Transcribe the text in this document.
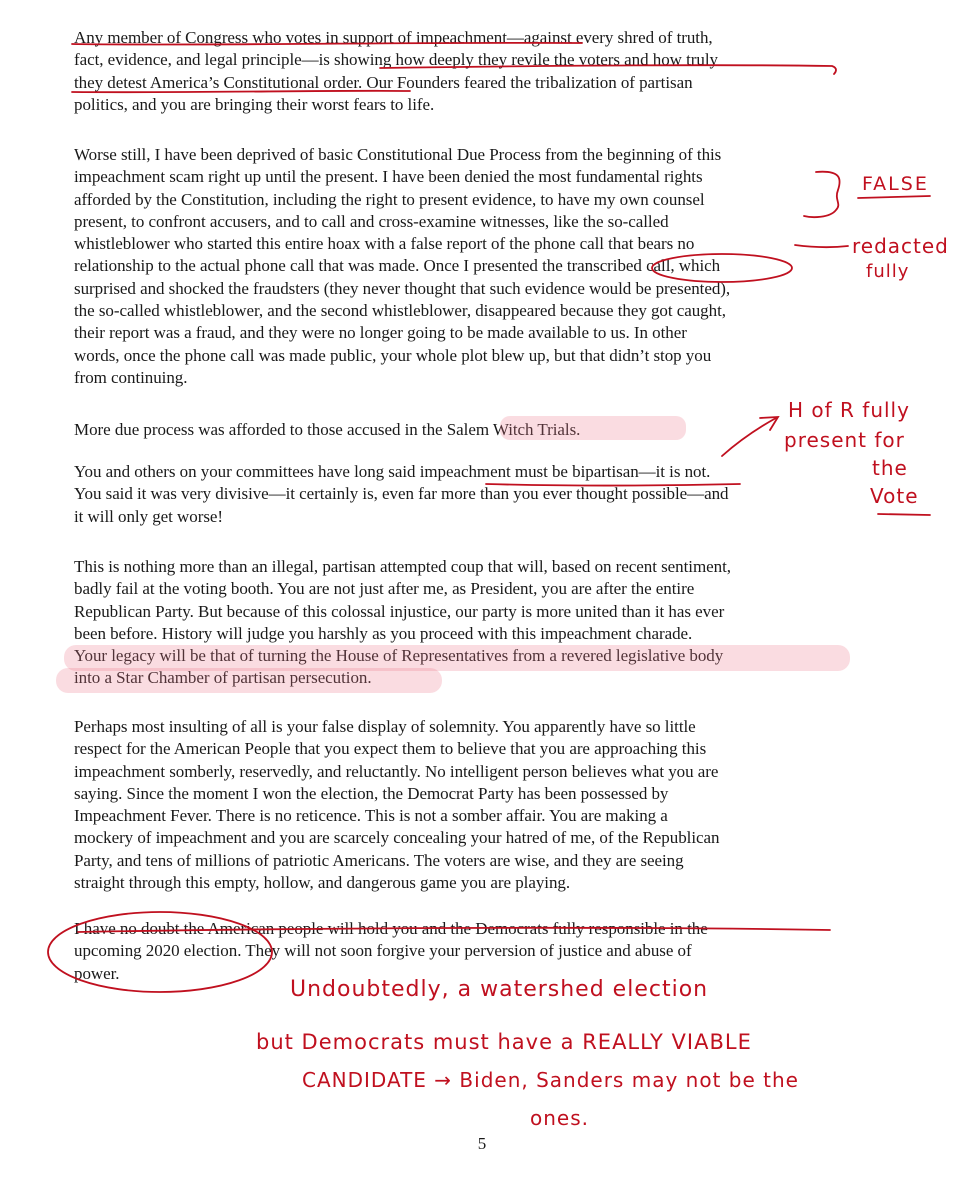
Any member of Congress who votes in support of impeachment—against every shred of truth,
fact, evidence, and legal principle—is showing how deeply they revile the voters and how truly
they detest America’s Constitutional order. Our Founders feared the tribalization of partisan
politics, and you are bringing their worst fears to life.

Worse still, I have been deprived of basic Constitutional Due Process from the beginning of this
impeachment scam right up until the present. I have been denied the most fundamental rights
afforded by the Constitution, including the right to present evidence, to have my own counsel
present, to confront accusers, and to call and cross-examine witnesses, like the so-called
whistleblower who started this entire hoax with a false report of the phone call that bears no
relationship to the actual phone call that was made. Once I presented the transcribed call, which
surprised and shocked the fraudsters (they never thought that such evidence would be presented),
the so-called whistleblower, and the second whistleblower, disappeared because they got caught,
their report was a fraud, and they were no longer going to be made available to us. In other
words, once the phone call was made public, your whole plot blew up, but that didn’t stop you
from continuing.

More due process was afforded to those accused in the Salem Witch Trials.

You and others on your committees have long said impeachment must be bipartisan—it is not.
You said it was very divisive—it certainly is, even far more than you ever thought possible—and
it will only get worse!

This is nothing more than an illegal, partisan attempted coup that will, based on recent sentiment,
badly fail at the voting booth. You are not just after me, as President, you are after the entire
Republican Party. But because of this colossal injustice, our party is more united than it has ever
been before. History will judge you harshly as you proceed with this impeachment charade.
Your legacy will be that of turning the House of Representatives from a revered legislative body
into a Star Chamber of partisan persecution.

Perhaps most insulting of all is your false display of solemnity. You apparently have so little
respect for the American People that you expect them to believe that you are approaching this
impeachment somberly, reservedly, and reluctantly. No intelligent person believes what you are
saying. Since the moment I won the election, the Democrat Party has been possessed by
Impeachment Fever. There is no reticence. This is not a somber affair. You are making a
mockery of impeachment and you are scarcely concealing your hatred of me, of the Republican
Party, and tens of millions of patriotic Americans. The voters are wise, and they are seeing
straight through this empty, hollow, and dangerous game you are playing.

I have no doubt the American people will hold you and the Democrats fully responsible in the
upcoming 2020 election. They will not soon forgive your perversion of justice and abuse of
power.

FALSE
redacted
fully
H of R fully
present for
the
Vote
Undoubtedly, a watershed election
but Democrats must have a REALLY VIABLE
CANDIDATE → Biden, Sanders may not be the
ones.
5
